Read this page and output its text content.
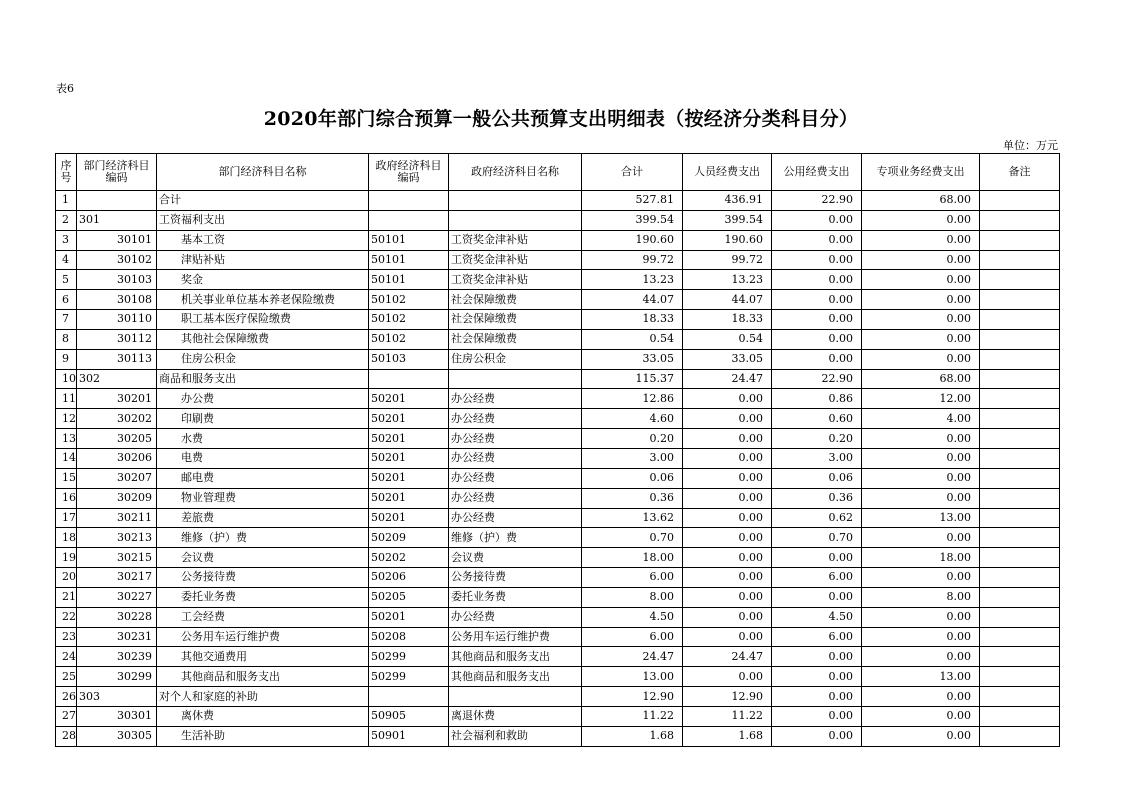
表6
2020年部门综合预算一般公共预算支出明细表（按经济分类科目分）
单位：万元
序号	部门经济科目编码	部门经济科目名称	政府经济科目编码	政府经济科目名称	合计	人员经费支出	公用经费支出	专项业务经费支出	备注
1		合计			527.81	436.91	22.90	68.00	
2	301	工资福利支出			399.54	399.54	0.00	0.00	
3	30101	基本工资	50101	工资奖金津补贴	190.60	190.60	0.00	0.00	
4	30102	津贴补贴	50101	工资奖金津补贴	99.72	99.72	0.00	0.00	
5	30103	奖金	50101	工资奖金津补贴	13.23	13.23	0.00	0.00	
6	30108	机关事业单位基本养老保险缴费	50102	社会保障缴费	44.07	44.07	0.00	0.00	
7	30110	职工基本医疗保险缴费	50102	社会保障缴费	18.33	18.33	0.00	0.00	
8	30112	其他社会保障缴费	50102	社会保障缴费	0.54	0.54	0.00	0.00	
9	30113	住房公积金	50103	住房公积金	33.05	33.05	0.00	0.00	
10	302	商品和服务支出			115.37	24.47	22.90	68.00	
11	30201	办公费	50201	办公经费	12.86	0.00	0.86	12.00	
12	30202	印刷费	50201	办公经费	4.60	0.00	0.60	4.00	
13	30205	水费	50201	办公经费	0.20	0.00	0.20	0.00	
14	30206	电费	50201	办公经费	3.00	0.00	3.00	0.00	
15	30207	邮电费	50201	办公经费	0.06	0.00	0.06	0.00	
16	30209	物业管理费	50201	办公经费	0.36	0.00	0.36	0.00	
17	30211	差旅费	50201	办公经费	13.62	0.00	0.62	13.00	
18	30213	维修（护）费	50209	维修（护）费	0.70	0.00	0.70	0.00	
19	30215	会议费	50202	会议费	18.00	0.00	0.00	18.00	
20	30217	公务接待费	50206	公务接待费	6.00	0.00	6.00	0.00	
21	30227	委托业务费	50205	委托业务费	8.00	0.00	0.00	8.00	
22	30228	工会经费	50201	办公经费	4.50	0.00	4.50	0.00	
23	30231	公务用车运行维护费	50208	公务用车运行维护费	6.00	0.00	6.00	0.00	
24	30239	其他交通费用	50299	其他商品和服务支出	24.47	24.47	0.00	0.00	
25	30299	其他商品和服务支出	50299	其他商品和服务支出	13.00	0.00	0.00	13.00	
26	303	对个人和家庭的补助			12.90	12.90	0.00	0.00	
27	30301	离休费	50905	离退休费	11.22	11.22	0.00	0.00	
28	30305	生活补助	50901	社会福利和救助	1.68	1.68	0.00	0.00	
